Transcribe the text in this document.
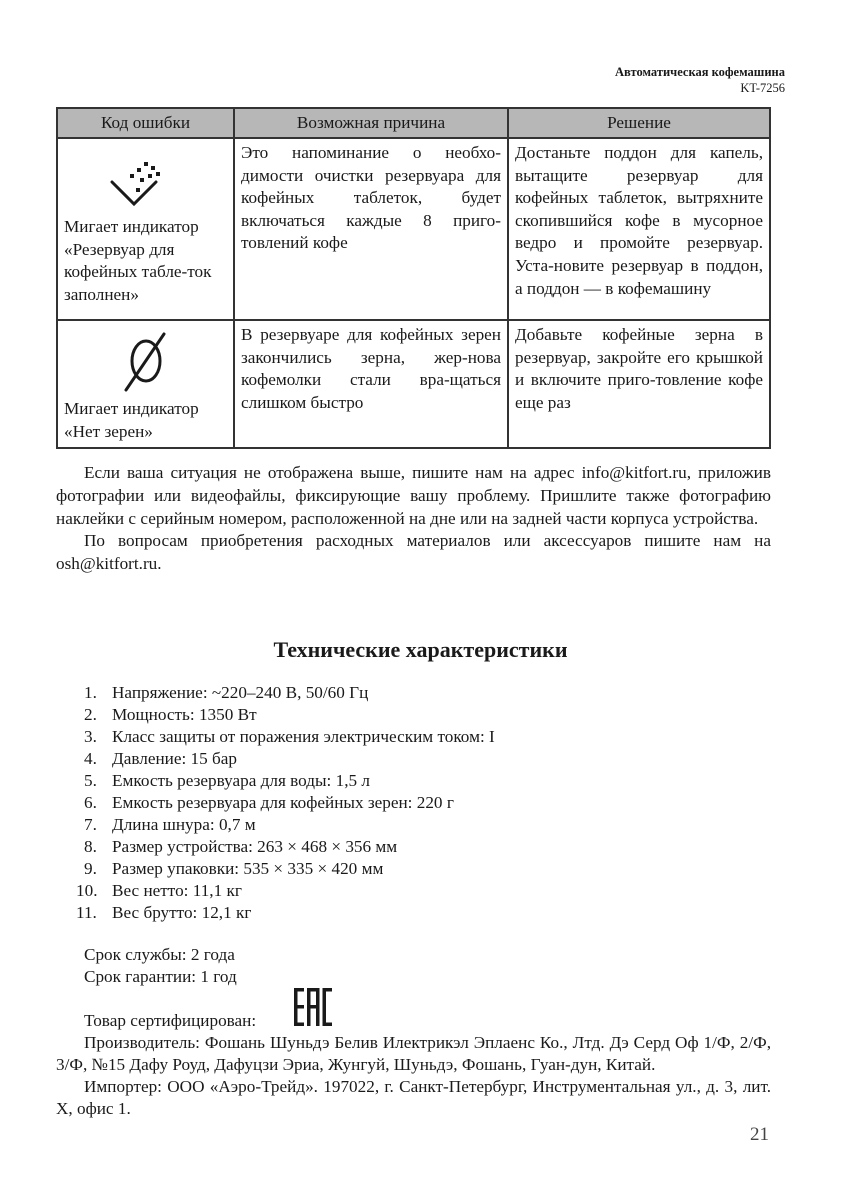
Автоматическая кофемашина
KT-7256
Код ошибки	Возможная причина	Решение

Мигает индикатор «Резервуар для кофейных табле-ток заполнен»	Это напоминание о необхо-димости очистки резервуара для кофейных таблеток, будет включаться каждые 8 приго-товлений кофе	Достаньте поддон для капель, вытащите резервуар для кофейных таблеток, вытряхните скопившийся кофе в мусорное ведро и промойте резервуар. Уста-новите резервуар в поддон, а поддон — в кофемашину

Мигает индикатор «Нет зерен»	В резервуаре для кофейных зерен закончились зерна, жер-нова кофемолки стали вра-щаться слишком быстро	Добавьте кофейные зерна в резервуар, закройте его крышкой и включите приго-товление кофе еще раз

Если ваша ситуация не отображена выше, пишите нам на адрес info@kitfort.ru, приложив фотографии или видеофайлы, фиксирующие вашу проблему. Пришлите также фотографию наклейки с серийным номером, расположенной на дне или на задней части корпуса устройства.

По вопросам приобретения расходных материалов или аксессуаров пишите нам на osh@kitfort.ru.

Технические характеристики
1. Напряжение: ~220–240 В, 50/60 Гц
2. Мощность: 1350 Вт
3. Класс защиты от поражения электрическим током: I
4. Давление: 15 бар
5. Емкость резервуара для воды: 1,5 л
6. Емкость резервуара для кофейных зерен: 220 г
7. Длина шнура: 0,7 м
8. Размер устройства: 263 × 468 × 356 мм
9. Размер упаковки: 535 × 335 × 420 мм
10. Вес нетто: 11,1 кг
11. Вес брутто: 12,1 кг

Срок службы: 2 года

Срок гарантии: 1 год

Товар сертифицирован:

Производитель: Фошань Шуньдэ Белив Илектрикэл Эплаенс Ко., Лтд. Дэ Серд Оф 1/Ф, 2/Ф, 3/Ф, №15 Дафу Роуд, Дафуцзи Эриа, Жунгуй, Шуньдэ, Фошань, Гуан-дун, Китай.

Импортер: ООО «Аэро-Трейд». 197022, г. Санкт-Петербург, Инструментальная ул., д. 3, лит. Х, офис 1.

21
